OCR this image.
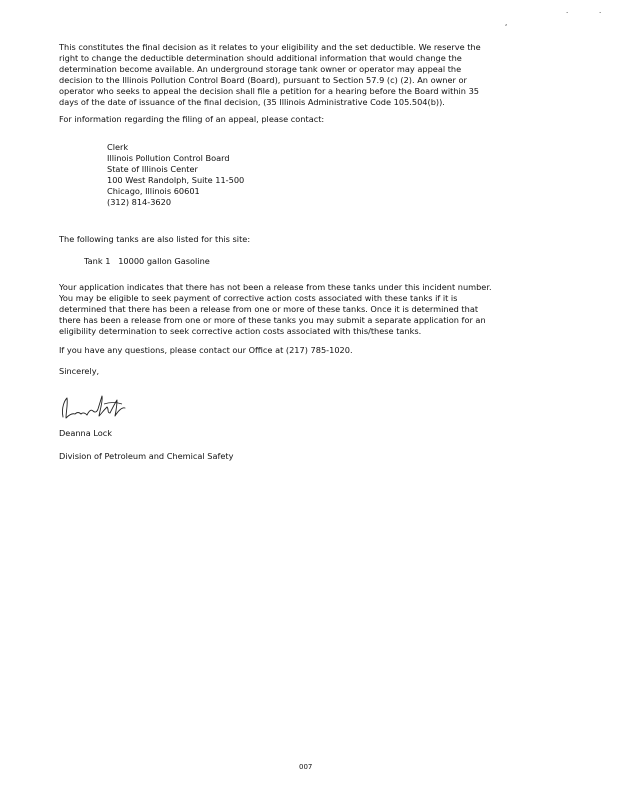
,
·	·

This constitutes the final decision as it relates to your eligibility and the set deductible. We reserve the
right to change the deductible determination should additional information that would change the
determination become available. An underground storage tank owner or operator may appeal the
decision to the Illinois Pollution Control Board (Board), pursuant to Section 57.9 (c) (2). An owner or
operator who seeks to appeal the decision shall file a petition for a hearing before the Board within 35
days of the date of issuance of the final decision, (35 Illinois Administrative Code 105.504(b)).

For information regarding the filing of an appeal, please contact:

Clerk
Illinois Pollution Control Board
State of Illinois Center
100 West Randolph, Suite 11-500
Chicago, Illinois 60601
(312) 814-3620

The following tanks are also listed for this site:

Tank 1   10000 gallon Gasoline

Your application indicates that there has not been a release from these tanks under this incident number.
You may be eligible to seek payment of corrective action costs associated with these tanks if it is
determined that there has been a release from one or more of these tanks. Once it is determined that
there has been a release from one or more of these tanks you may submit a separate application for an
eligibility determination to seek corrective action costs associated with this/these tanks.

If you have any questions, please contact our Office at (217) 785-1020.

Sincerely,

Deanna Lock

Division of Petroleum and Chemical Safety

007
